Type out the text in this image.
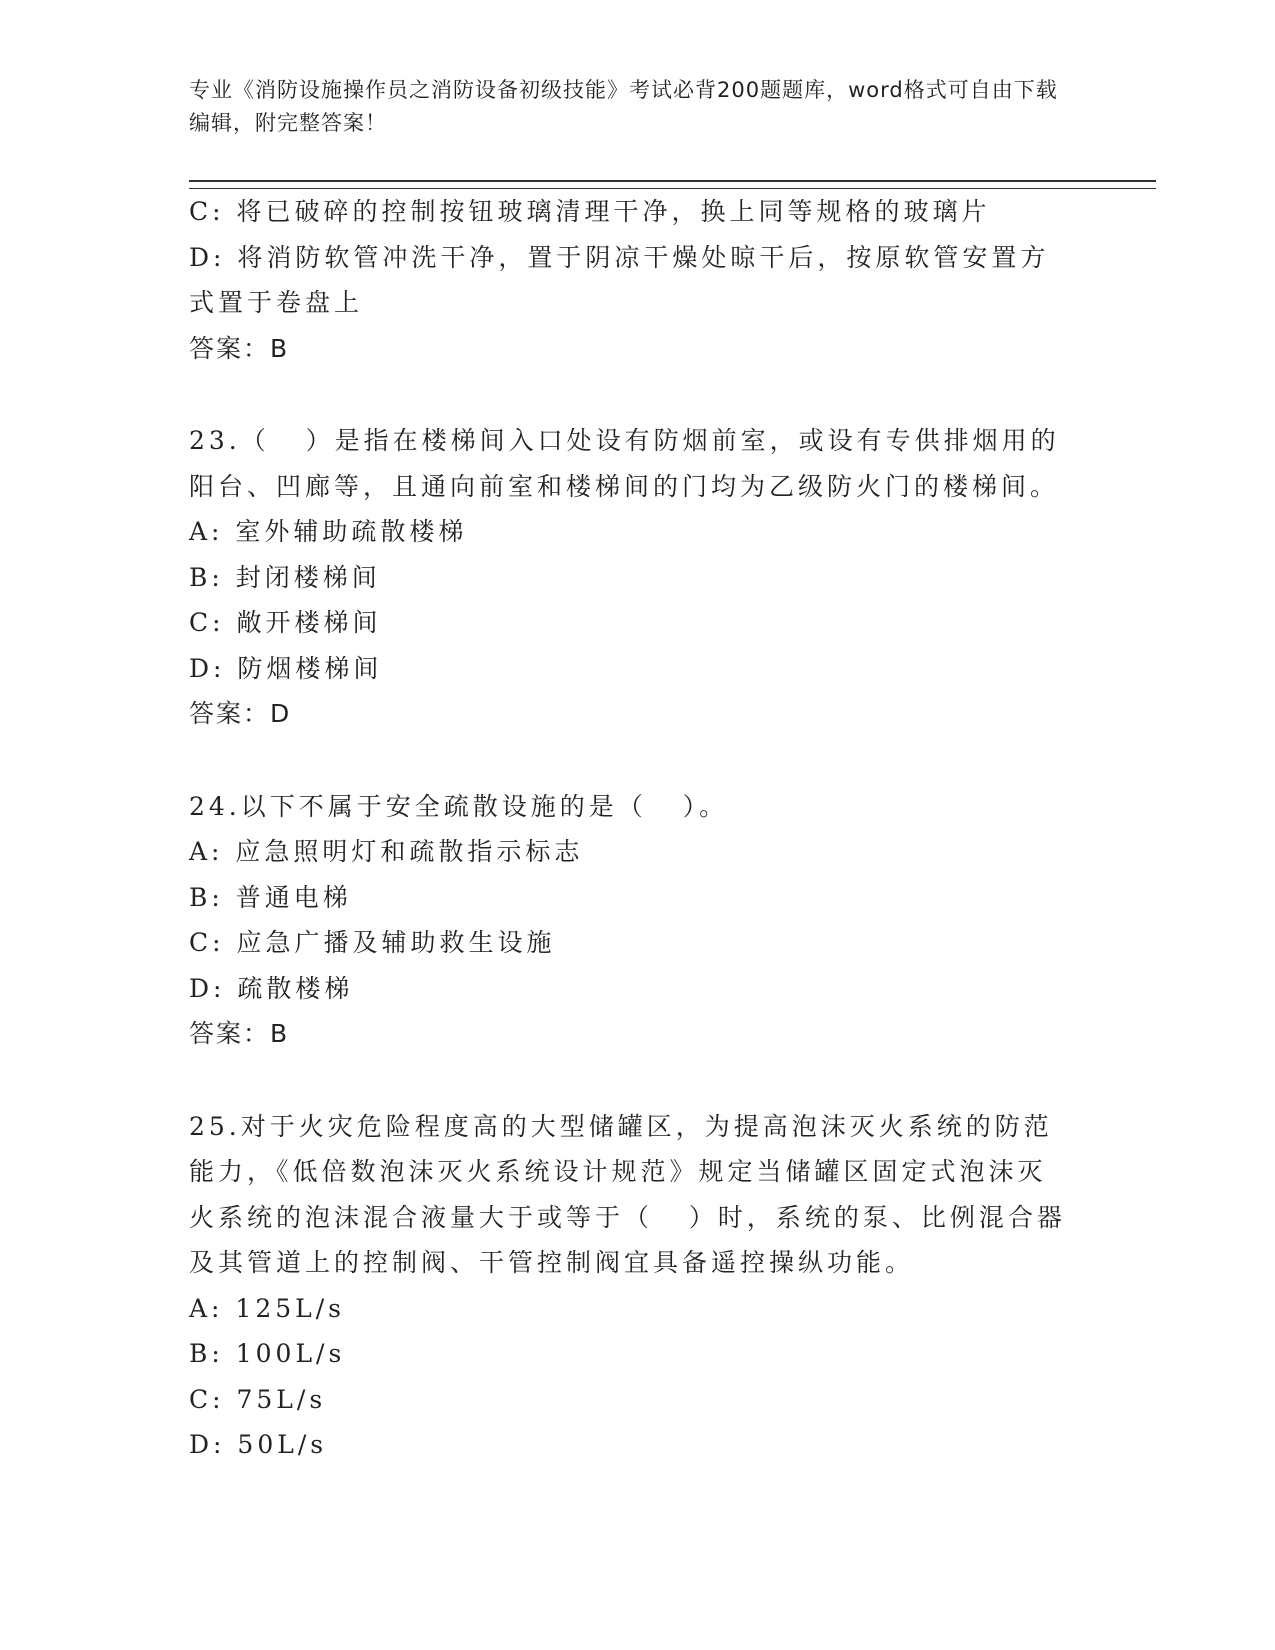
专业《消防设施操作员之消防设备初级技能》考试必背200题题库，word格式可自由下载编辑，附完整答案！

C: 将已破碎的控制按钮玻璃清理干净，换上同等规格的玻璃片

D: 将消防软管冲洗干净，置于阴凉干燥处晾干后，按原软管安置方式置于卷盘上

答案：B

23.（   ）是指在楼梯间入口处设有防烟前室，或设有专供排烟用的阳台、凹廊等，且通向前室和楼梯间的门均为乙级防火门的楼梯间。

A: 室外辅助疏散楼梯

B: 封闭楼梯间

C: 敞开楼梯间

D: 防烟楼梯间

答案：D

24.以下不属于安全疏散设施的是（   ）。

A: 应急照明灯和疏散指示标志

B: 普通电梯

C: 应急广播及辅助救生设施

D: 疏散楼梯

答案：B

25.对于火灾危险程度高的大型储罐区，为提高泡沫灭火系统的防范能力，《低倍数泡沫灭火系统设计规范》规定当储罐区固定式泡沫灭火系统的泡沫混合液量大于或等于（   ）时，系统的泵、比例混合器及其管道上的控制阀、干管控制阀宜具备遥控操纵功能。

A: 125L/s

B: 100L/s

C: 75L/s

D: 50L/s
